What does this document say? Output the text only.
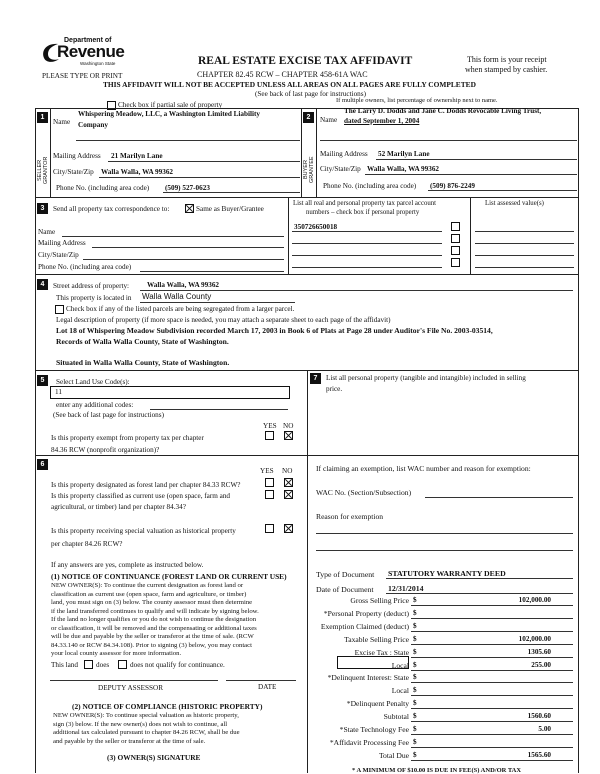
Department of
Revenue
Washington State
PLEASE TYPE OR PRINT
REAL ESTATE EXCISE TAX AFFIDAVIT
CHAPTER 82.45 RCW – CHAPTER 458-61A WAC
THIS AFFIDAVIT WILL NOT BE ACCEPTED UNLESS ALL AREAS ON ALL PAGES ARE FULLY COMPLETED
(See back of last page for instructions)
This form is your receipt
when stamped by cashier.
If multiple owners, list percentage of ownership next to name.
Check box if partial sale of property
1
SELLER GRANTOR
Name
Whispering Meadow, LLC, a Washington Limited Liability
Company
Mailing Address 21 Marilyn Lane
City/State/Zip Walla Walla, WA 99362
Phone No. (including area code) (509) 527-0623
2
BUYER GRANTEE
Name
The Larry D. Dodds and Jane C. Dodds Revocable Living Trust,
dated September 1, 2004
Mailing Address 52 Marilyn Lane
City/State/Zip Walla Walla, WA 99362
Phone No. (including area code) (509) 876-2249
3	Send all property tax correspondence to:	Same as Buyer/Grantee
Name
Mailing Address
City/State/Zip
Phone No. (including area code)
List all real and personal property tax parcel account
numbers – check box if personal property
List assessed value(s)
350726650018
4	Street address of property: Walla Walla, WA 99362
This property is located in Walla Walla County
Check box if any of the listed parcels are being segregated from a larger parcel.
Legal description of property (if more space is needed, you may attach a separate sheet to each page of the affidavit)
Lot 18 of Whispering Meadow Subdivision recorded March 17, 2003 in Book 6 of Plats at Page 28 under Auditor's File No. 2003-03514,
Records of Walla Walla County, State of Washington.
Situated in Walla Walla County, State of Washington.
5	Select Land Use Code(s):
11
enter any additional codes:
(See back of last page for instructions)
YES NO
Is this property exempt from property tax per chapter
84.36 RCW (nonprofit organization)?
7	List all personal property (tangible and intangible) included in selling
price.
6
YES NO
Is this property designated as forest land per chapter 84.33 RCW?
Is this property classified as current use (open space, farm and
agricultural, or timber) land per chapter 84.34?
Is this property receiving special valuation as historical property
per chapter 84.26 RCW?
If any answers are yes, complete as instructed below.
(1) NOTICE OF CONTINUANCE (FOREST LAND OR CURRENT USE)
NEW OWNER(S): To continue the current designation as forest land or
classification as current use (open space, farm and agriculture, or timber)
land, you must sign on (3) below. The county assessor must then determine
if the land transferred continues to qualify and will indicate by signing below.
If the land no longer qualifies or you do not wish to continue the designation
or classification, it will be removed and the compensating or additional taxes
will be due and payable by the seller or transferor at the time of sale. (RCW
84.33.140 or RCW 84.34.108). Prior to signing (3) below, you may contact
your local county assessor for more information.
This land	does	does not qualify for continuance.
DEPUTY ASSESSOR	DATE
(2) NOTICE OF COMPLIANCE (HISTORIC PROPERTY)
NEW OWNER(S): To continue special valuation as historic property,
sign (3) below. If the new owner(s) does not wish to continue, all
additional tax calculated pursuant to chapter 84.26 RCW, shall be due
and payable by the seller or transferor at the time of sale.
(3) OWNER(S) SIGNATURE
If claiming an exemption, list WAC number and reason for exemption:
WAC No. (Section/Subsection)
Reason for exemption
Type of Document STATUTORY WARRANTY DEED
Date of Document 12/31/2014
Gross Selling Price $	102,000.00
*Personal Property (deduct) $
Exemption Claimed (deduct) $
Taxable Selling Price $	102,000.00
Excise Tax : State $	1305.60
Local $	255.00
*Delinquent Interest: State $
Local $
*Delinquent Penalty $
Subtotal $	1560.60
*State Technology Fee $	5.00
*Affidavit Processing Fee $
Total Due $	1565.60
* A MINIMUM OF $10.00 IS DUE IN FEE(S) AND/OR TAX
